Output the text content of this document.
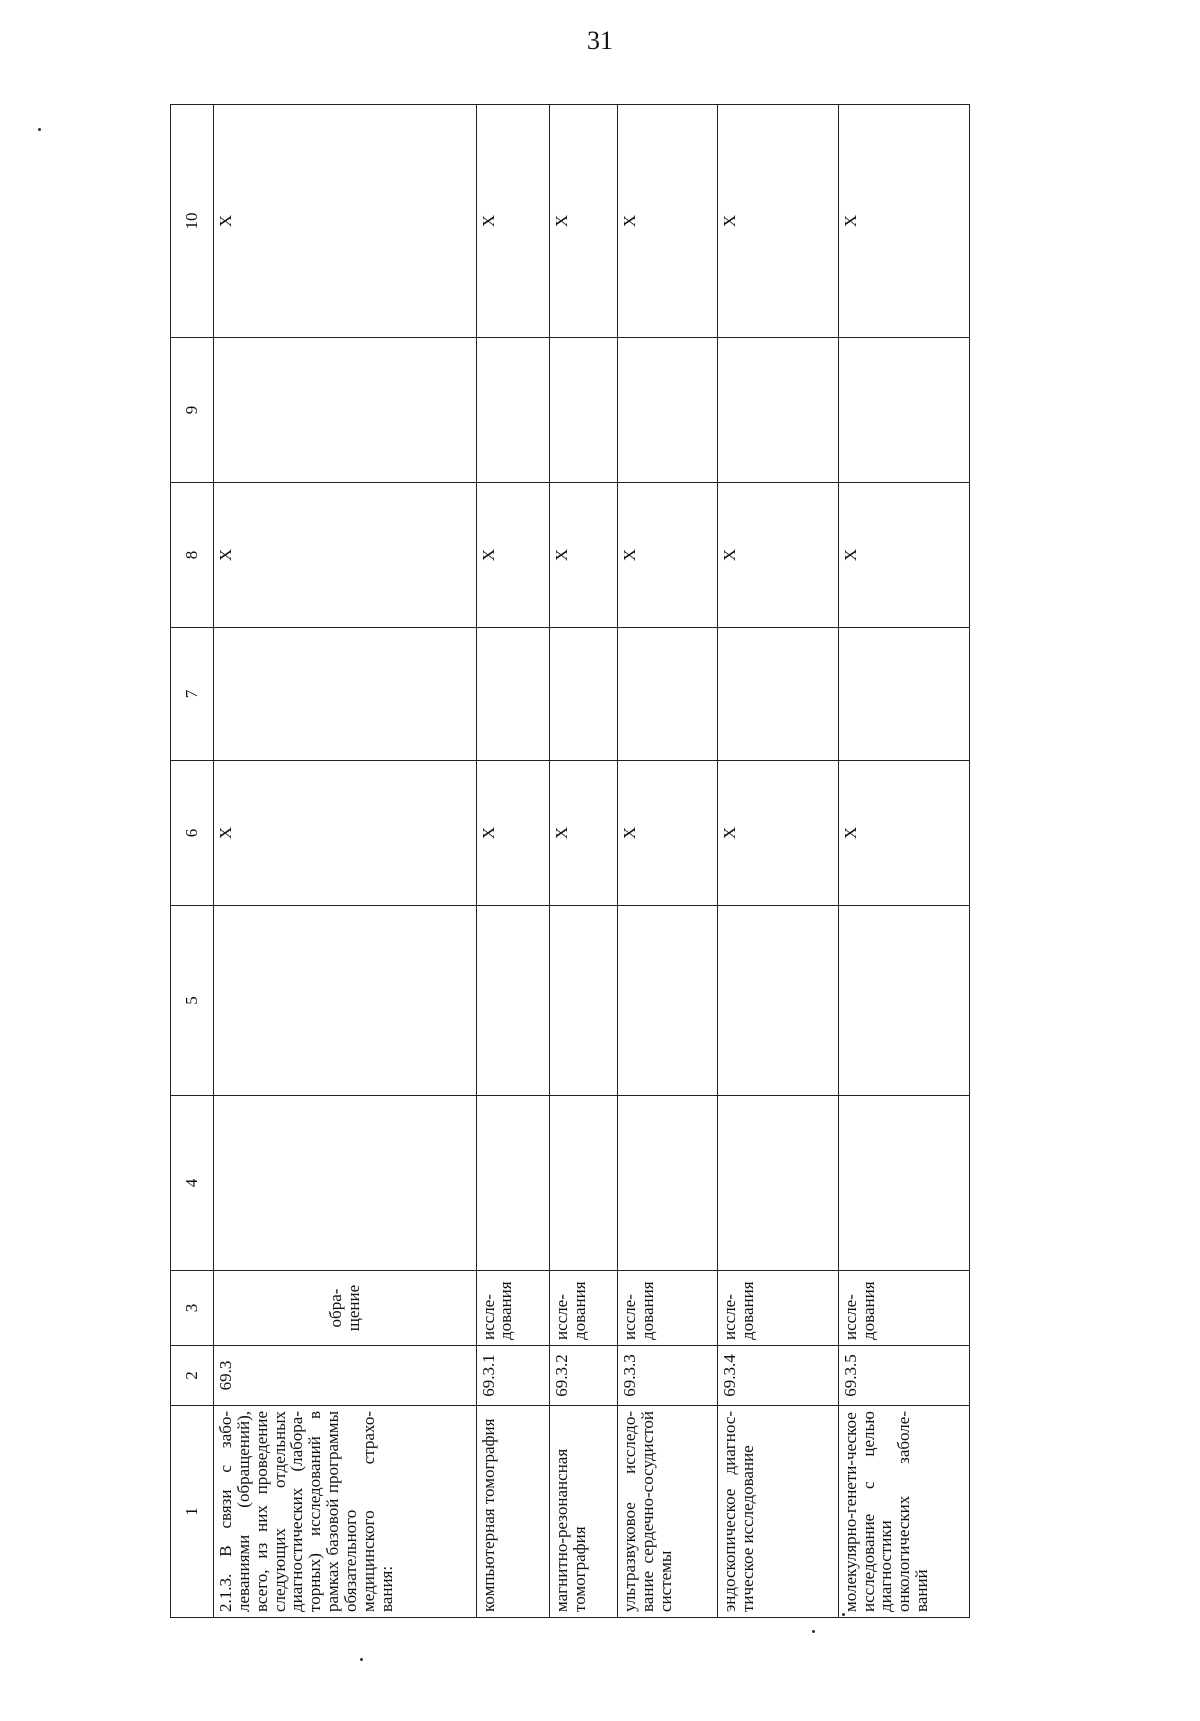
31
1	2	3	4	5	6	7	8	9	10
2.1.3. В связи с забо-леваниями (обращений), всего, из них проведение следующих отдельных диагностических (лабора-торных) исследований в рамках базовой программы обязательного медицинского страхо-вания:	69.3	обра-щение			X		X		X
компьютерная томография	69.3.1	иссле-дования			X		X		X
магнитно-резонансная томография	69.3.2	иссле-дования			X		X		X
ультразвуковое исследо-вание сердечно-сосудистой системы	69.3.3	иссле-дования			X		X		X
эндоскопическое диагнос-тическое исследование	69.3.4	иссле-дования			X		X		X
молекулярно-генети-ческое исследование с целью диагностики онкологических заболе-ваний	69.3.5	иссле-дования			X		X		X
